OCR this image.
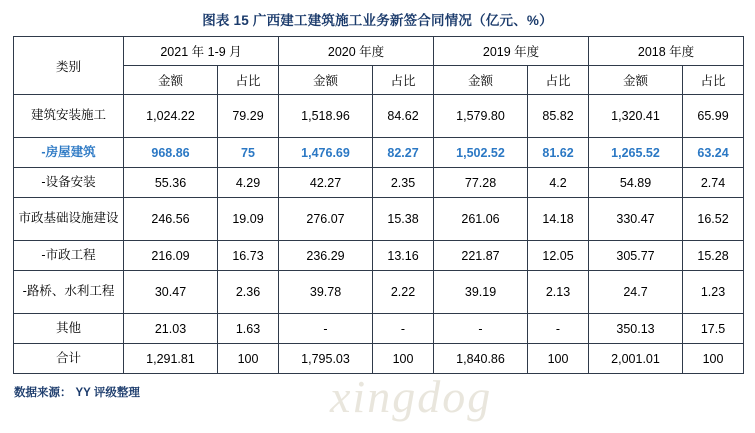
xingdog
图表 15 广西建工建筑施工业务新签合同情况（亿元、%）
类别	2021 年 1-9 月		2020 年度		2019 年度		2018 年度	
	金额	占比	金额	占比	金额	占比	金额	占比
建筑安装施工	1,024.22	79.29	1,518.96	84.62	1,579.80	85.82	1,320.41	65.99
-房屋建筑	968.86	75	1,476.69	82.27	1,502.52	81.62	1,265.52	63.24
-设备安装	55.36	4.29	42.27	2.35	77.28	4.2	54.89	2.74
市政基础设施建设	246.56	19.09	276.07	15.38	261.06	14.18	330.47	16.52
-市政工程	216.09	16.73	236.29	13.16	221.87	12.05	305.77	15.28
-路桥、水利工程	30.47	2.36	39.78	2.22	39.19	2.13	24.7	1.23
其他	21.03	1.63	-	-	-	-	350.13	17.5
合计	1,291.81	100	1,795.03	100	1,840.86	100	2,001.01	100
数据来源： YY 评级整理
